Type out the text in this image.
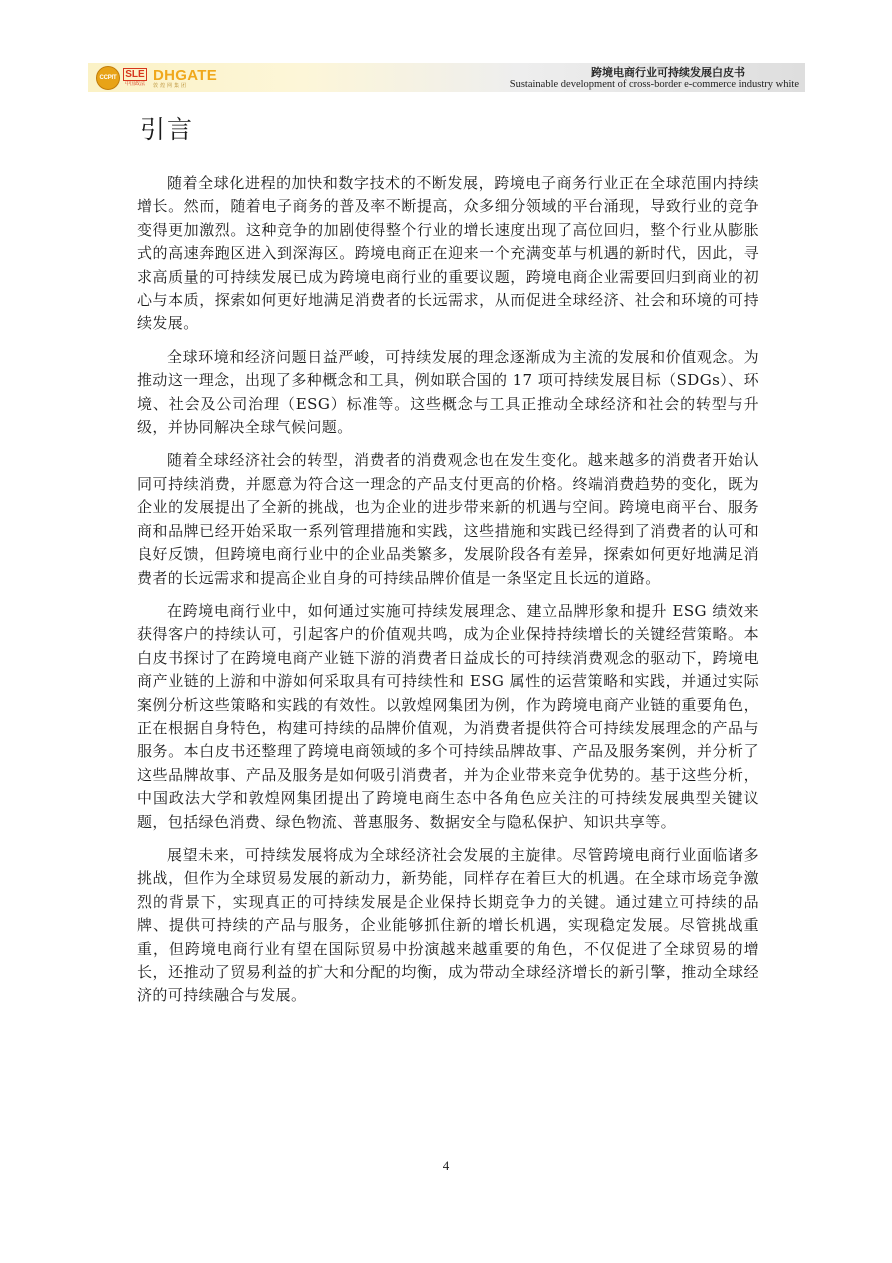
CCPIT SLE
中国政法
DHGATE
敦煌网集团
跨境电商行业可持续发展白皮书
Sustainable development of cross-border e-commerce industry white
引言

随着全球化进程的加快和数字技术的不断发展，跨境电子商务行业正在全球范围内持续增长。然而，随着电子商务的普及率不断提高，众多细分领域的平台涌现，导致行业的竞争变得更加激烈。这种竞争的加剧使得整个行业的增长速度出现了高位回归，整个行业从膨胀式的高速奔跑区进入到深海区。跨境电商正在迎来一个充满变革与机遇的新时代，因此，寻求高质量的可持续发展已成为跨境电商行业的重要议题，跨境电商企业需要回归到商业的初心与本质，探索如何更好地满足消费者的长远需求，从而促进全球经济、社会和环境的可持续发展。

全球环境和经济问题日益严峻，可持续发展的理念逐渐成为主流的发展和价值观念。为推动这一理念，出现了多种概念和工具，例如联合国的 17 项可持续发展目标（SDGs）、环境、社会及公司治理（ESG）标准等。这些概念与工具正推动全球经济和社会的转型与升级，并协同解决全球气候问题。

随着全球经济社会的转型，消费者的消费观念也在发生变化。越来越多的消费者开始认同可持续消费，并愿意为符合这一理念的产品支付更高的价格。终端消费趋势的变化，既为企业的发展提出了全新的挑战，也为企业的进步带来新的机遇与空间。跨境电商平台、服务商和品牌已经开始采取一系列管理措施和实践，这些措施和实践已经得到了消费者的认可和良好反馈，但跨境电商行业中的企业品类繁多，发展阶段各有差异，探索如何更好地满足消费者的长远需求和提高企业自身的可持续品牌价值是一条坚定且长远的道路。

在跨境电商行业中，如何通过实施可持续发展理念、建立品牌形象和提升 ESG 绩效来获得客户的持续认可，引起客户的价值观共鸣，成为企业保持持续增长的关键经营策略。本白皮书探讨了在跨境电商产业链下游的消费者日益成长的可持续消费观念的驱动下，跨境电商产业链的上游和中游如何采取具有可持续性和 ESG 属性的运营策略和实践，并通过实际案例分析这些策略和实践的有效性。以敦煌网集团为例，作为跨境电商产业链的重要角色，正在根据自身特色，构建可持续的品牌价值观，为消费者提供符合可持续发展理念的产品与服务。本白皮书还整理了跨境电商领域的多个可持续品牌故事、产品及服务案例，并分析了这些品牌故事、产品及服务是如何吸引消费者，并为企业带来竞争优势的。基于这些分析，中国政法大学和敦煌网集团提出了跨境电商生态中各角色应关注的可持续发展典型关键议题，包括绿色消费、绿色物流、普惠服务、数据安全与隐私保护、知识共享等。

展望未来，可持续发展将成为全球经济社会发展的主旋律。尽管跨境电商行业面临诸多挑战，但作为全球贸易发展的新动力，新势能，同样存在着巨大的机遇。在全球市场竞争激烈的背景下，实现真正的可持续发展是企业保持长期竞争力的关键。通过建立可持续的品牌、提供可持续的产品与服务，企业能够抓住新的增长机遇，实现稳定发展。尽管挑战重重，但跨境电商行业有望在国际贸易中扮演越来越重要的角色，不仅促进了全球贸易的增长，还推动了贸易利益的扩大和分配的均衡，成为带动全球经济增长的新引擎，推动全球经济的可持续融合与发展。

4
